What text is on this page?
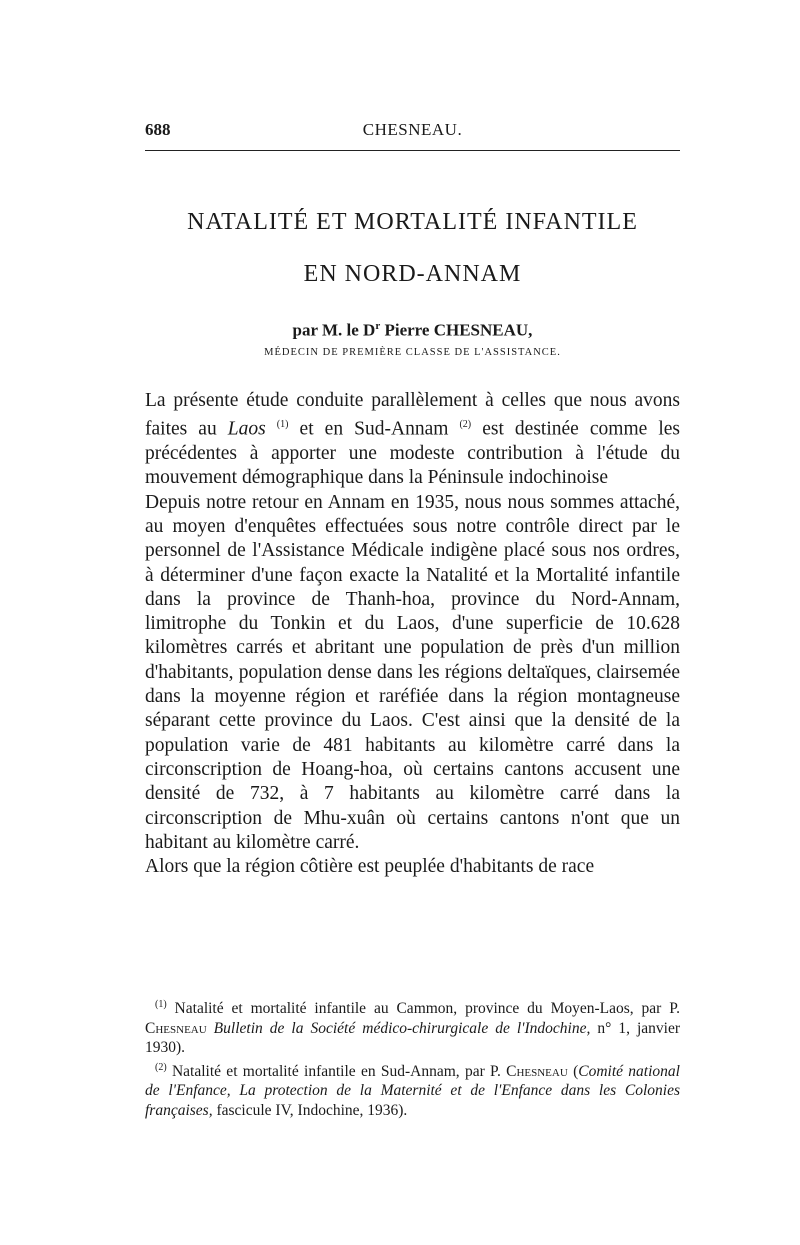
688	CHESNEAU.
NATALITÉ ET MORTALITÉ INFANTILE
EN NORD-ANNAM
par M. le $D^r$ Pierre CHESNEAU,
MÉDECIN DE PREMIÈRE CLASSE DE L'ASSISTANCE.

La présente étude conduite parallèlement à celles que nous avons faites au Laos $^{(1)}$ et en Sud-Annam $^{(2)}$ est destinée comme les précédentes à apporter une modeste contribution à l'étude du mouvement démographique dans la Péninsule indochinoise

Depuis notre retour en Annam en 1935, nous nous sommes attaché, au moyen d'enquêtes effectuées sous notre contrôle direct par le personnel de l'Assistance Médicale indigène placé sous nos ordres, à déterminer d'une façon exacte la Natalité et la Mortalité infantile dans la province de Thanh-hoa, province du Nord-Annam, limitrophe du Tonkin et du Laos, d'une superficie de 10.628 kilomètres carrés et abritant une population de près d'un million d'habitants, population dense dans les régions deltaïques, clairsemée dans la moyenne région et raréfiée dans la région montagneuse séparant cette province du Laos. C'est ainsi que la densité de la population varie de 481 habitants au kilomètre carré dans la circonscription de Hoang-hoa, où certains cantons accusent une densité de 732, à 7 habitants au kilomètre carré dans la circonscription de Mhu-xuân où certains cantons n'ont que un habitant au kilomètre carré.

Alors que la région côtière est peuplée d'habitants de race

$^{(1)}$ Natalité et mortalité infantile au Cammon, province du Moyen-Laos, par P. Chesneau Bulletin de la Société médico-chirurgicale de l'Indochine, n° 1, janvier 1930).

$^{(2)}$ Natalité et mortalité infantile en Sud-Annam, par P. Chesneau (Comité national de l'Enfance, La protection de la Maternité et de l'Enfance dans les Colonies françaises, fascicule IV, Indochine, 1936).
